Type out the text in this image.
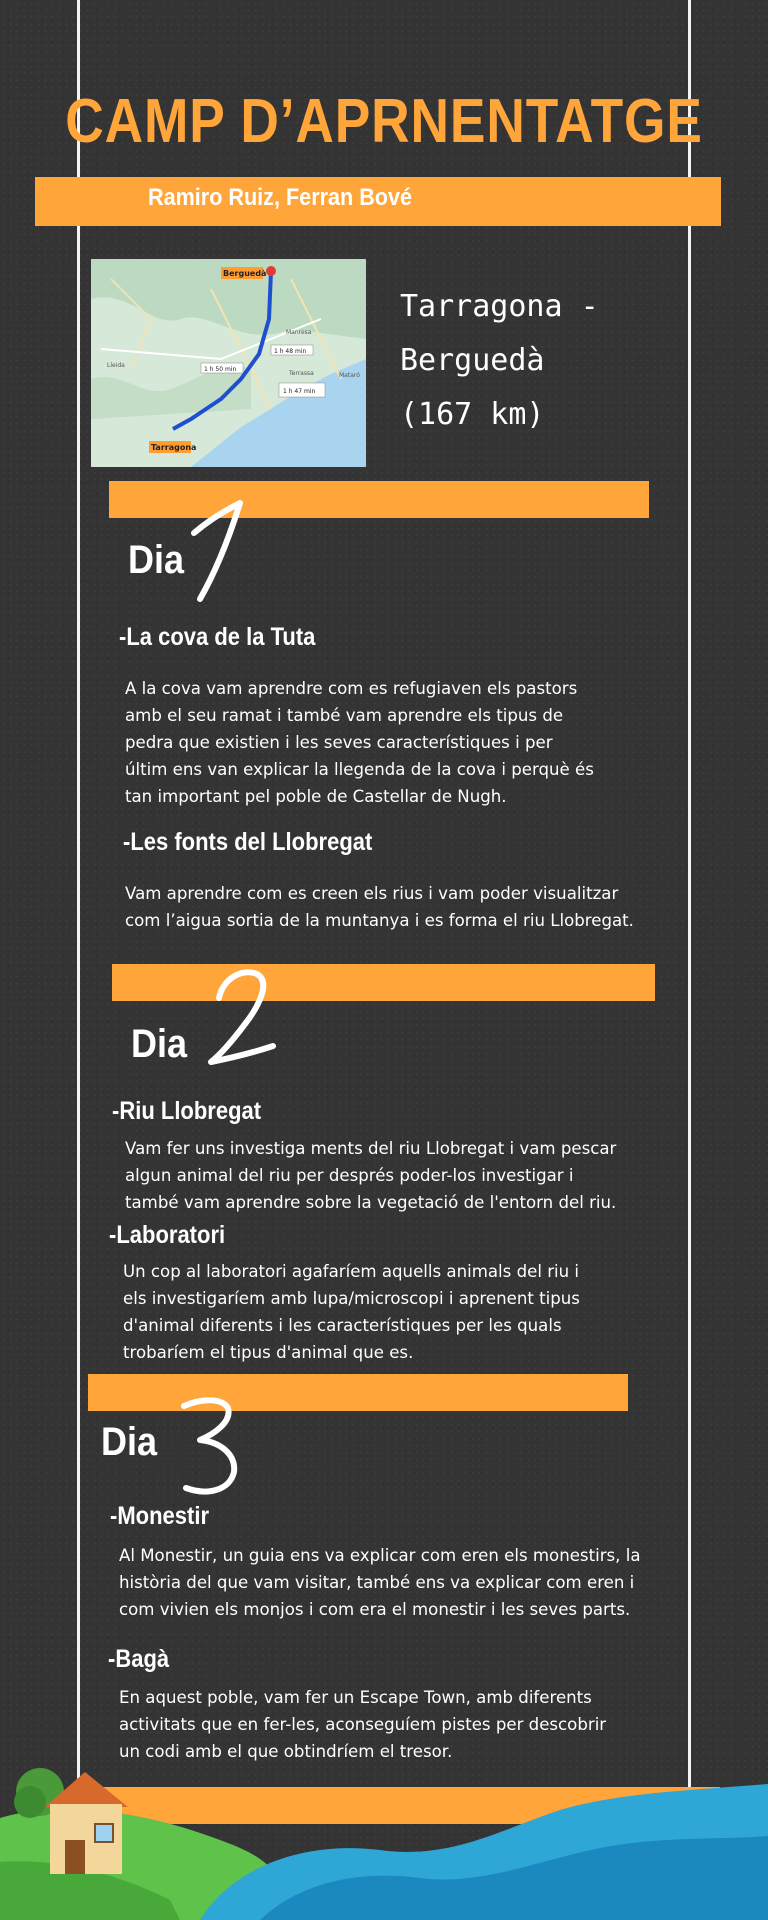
CAMP D’APRNENTATGE
Ramiro Ruiz, Ferran Bové
Berguedà
Tarragona
1 h 48 min
1 h 50 min
1 h 47 min
Lleida
Manresa
Terrassa	Mataró
Tarragona -
Berguedà
(167 km)
Dia
-La cova de la Tuta
A la cova vam aprendre com es refugiaven els pastors
amb el seu ramat i també vam aprendre els tipus de
pedra que existien i les seves característiques i per
últim ens van explicar la llegenda de la cova i perquè és
tan important pel poble de Castellar de Nugh.
-Les fonts del Llobregat
Vam aprendre com es creen els rius i vam poder visualitzar
com l’aigua sortia de la muntanya i es forma el riu Llobregat.
Dia
-Riu Llobregat
Vam fer uns investiga ments del riu Llobregat i vam pescar
algun animal del riu per després poder-los investigar i
també vam aprendre sobre la vegetació de l'entorn del riu.
-Laboratori
Un cop al laboratori agafaríem aquells animals del riu i
els investigaríem amb lupa/microscopi i aprenent tipus
d'animal diferents i les característiques per les quals
trobaríem el tipus d'animal que es.
Dia
-Monestir
Al Monestir, un guia ens va explicar com eren els monestirs, la
història del que vam visitar, també ens va explicar com eren i
com vivien els monjos i com era el monestir i les seves parts.
-Bagà
En aquest poble, vam fer un Escape Town, amb diferents
activitats que en fer-les, aconseguíem pistes per descobrir
un codi amb el que obtindríem el tresor.
